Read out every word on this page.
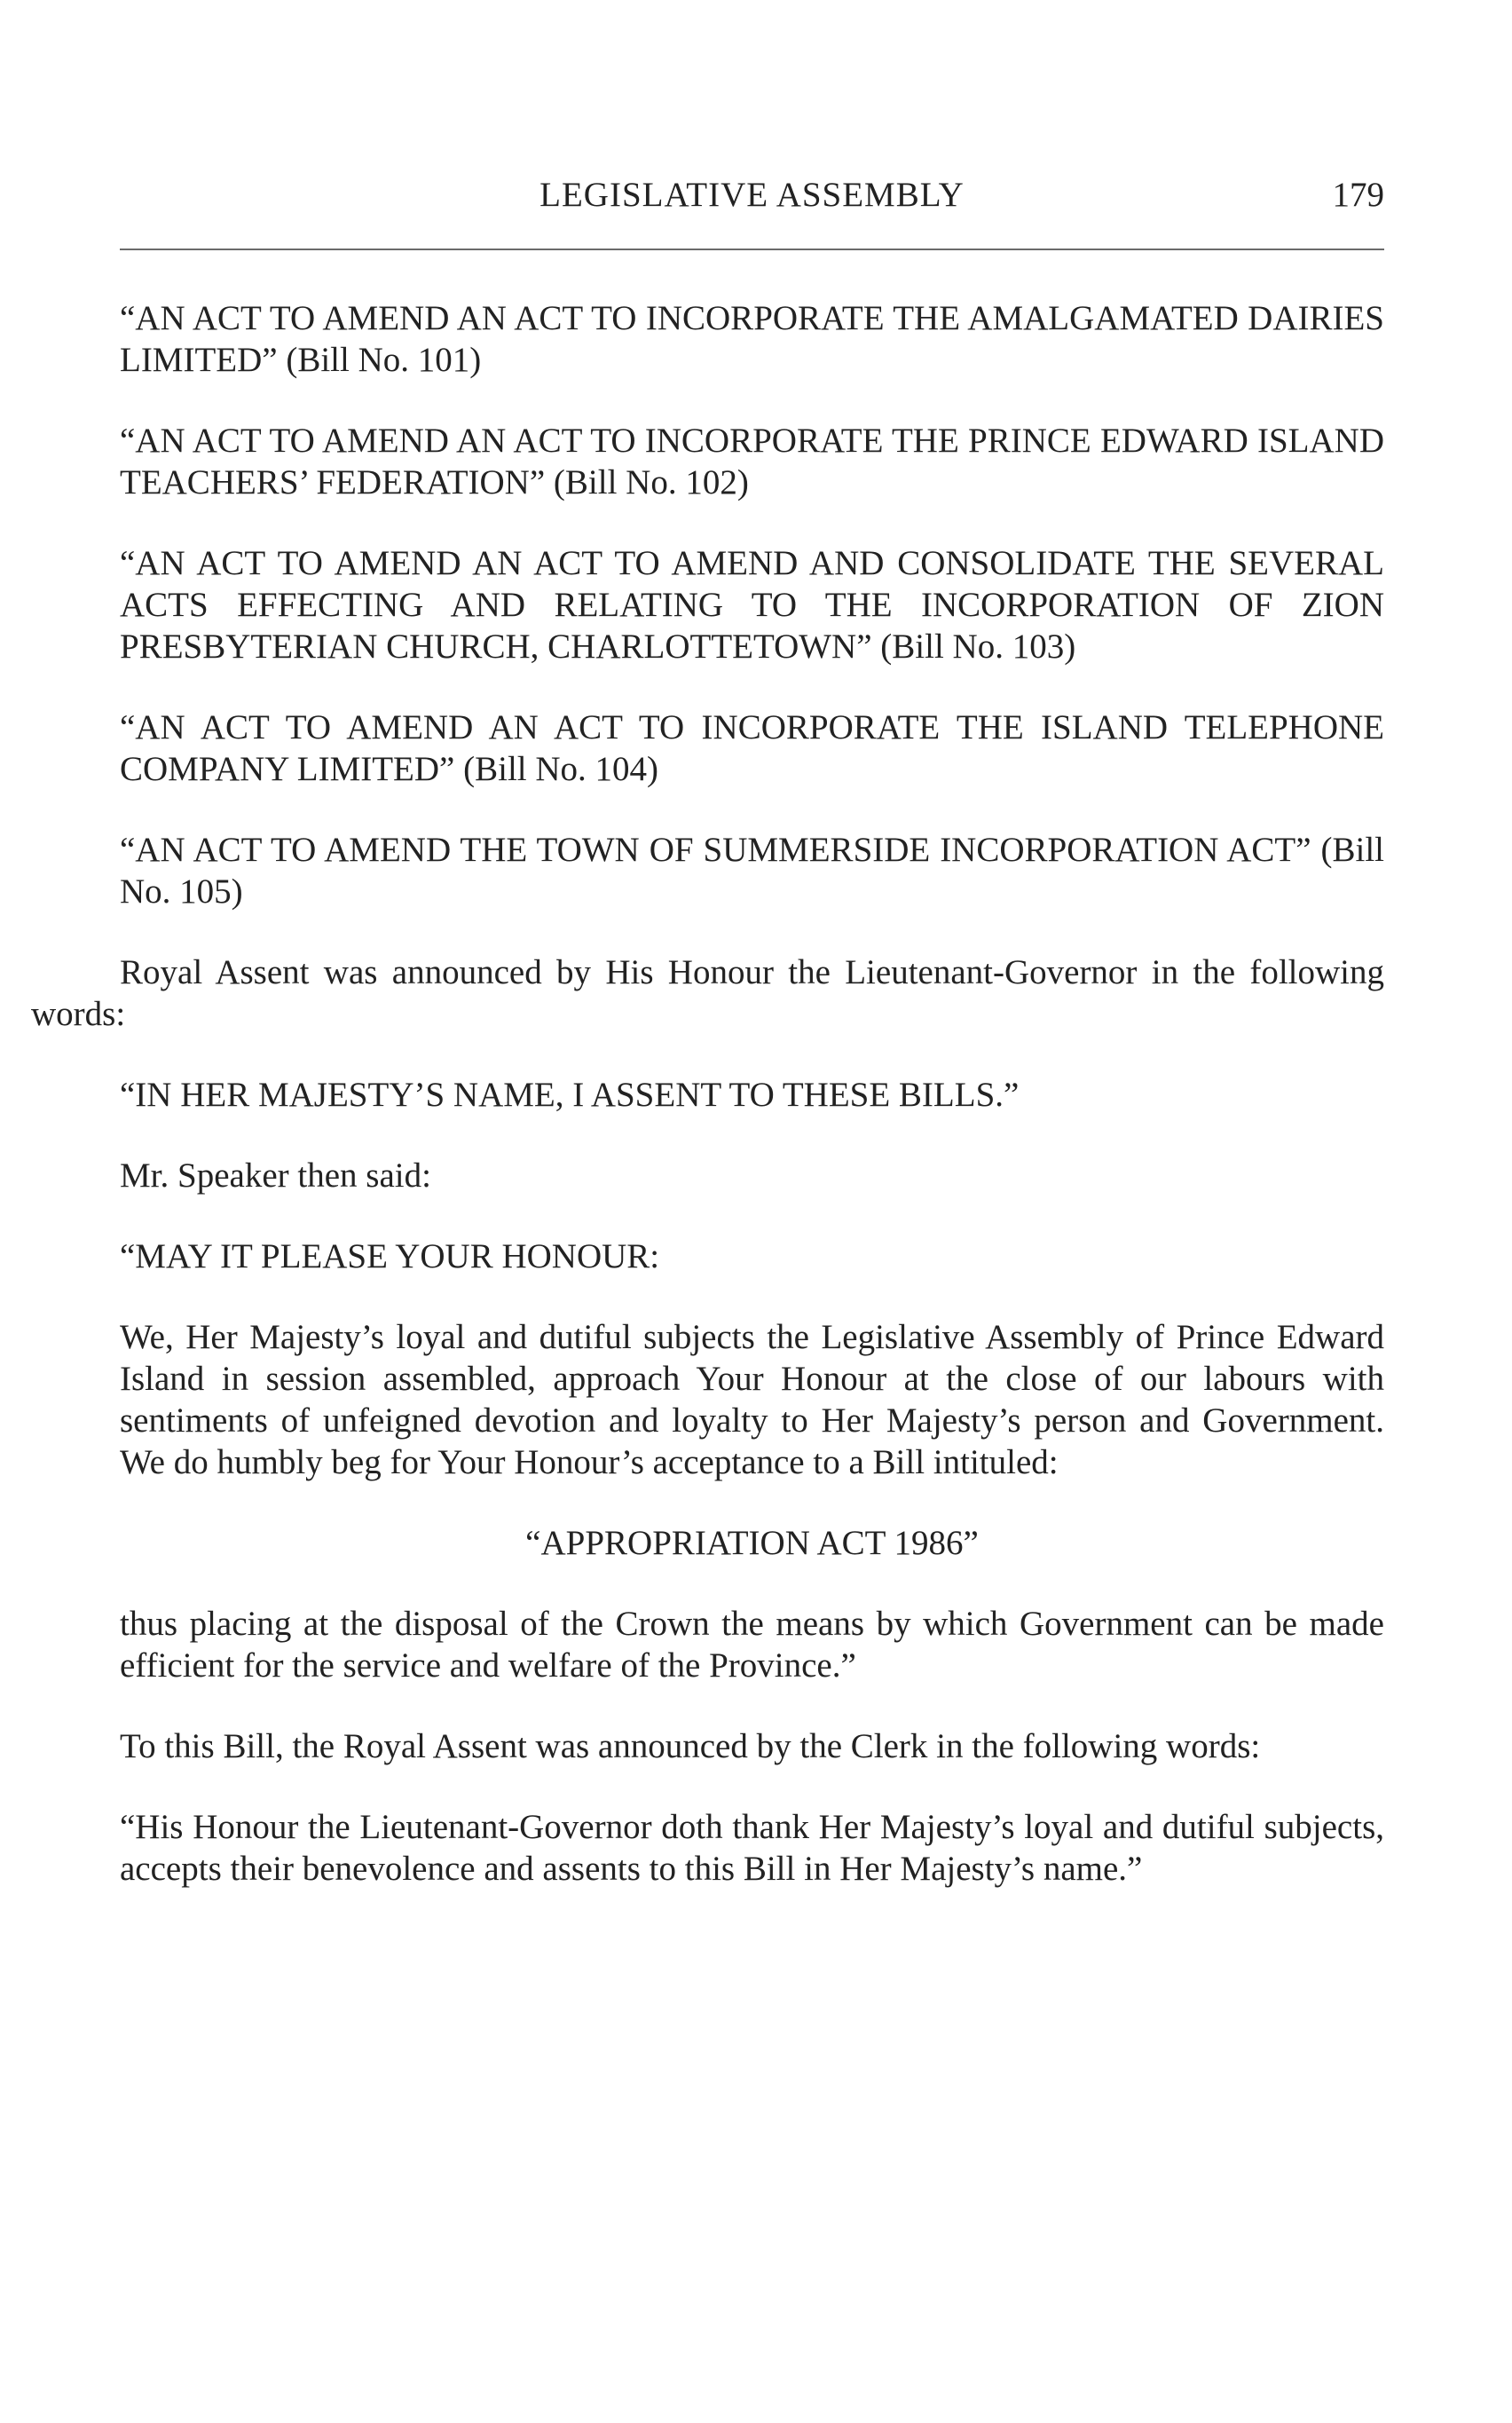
LEGISLATIVE ASSEMBLY	179

“AN ACT TO AMEND AN ACT TO INCORPORATE THE AMALGAMATED DAIRIES LIMITED” (Bill No. 101)

“AN ACT TO AMEND AN ACT TO INCORPORATE THE PRINCE EDWARD ISLAND TEACHERS’ FEDERATION” (Bill No. 102)

“AN ACT TO AMEND AN ACT TO AMEND AND CONSOLIDATE THE SEVERAL ACTS EFFECTING AND RELATING TO THE INCORPORATION OF ZION PRESBYTERIAN CHURCH, CHARLOTTETOWN” (Bill No. 103)

“AN ACT TO AMEND AN ACT TO INCORPORATE THE ISLAND TELEPHONE COMPANY LIMITED” (Bill No. 104)

“AN ACT TO AMEND THE TOWN OF SUMMERSIDE INCORPORATION ACT” (Bill No. 105)

Royal Assent was announced by His Honour the Lieutenant-Governor in the following words:

“IN HER MAJESTY’S NAME, I ASSENT TO THESE BILLS.”

Mr. Speaker then said:

“MAY IT PLEASE YOUR HONOUR:

We, Her Majesty’s loyal and dutiful subjects the Legislative Assembly of Prince Edward Island in session assembled, approach Your Honour at the close of our labours with sentiments of unfeigned devotion and loyalty to Her Majesty’s person and Government. We do humbly beg for Your Honour’s acceptance to a Bill intituled:

“APPROPRIATION ACT 1986”

thus placing at the disposal of the Crown the means by which Government can be made efficient for the service and welfare of the Province.”

To this Bill, the Royal Assent was announced by the Clerk in the following words:

“His Honour the Lieutenant-Governor doth thank Her Majesty’s loyal and dutiful subjects, accepts their benevolence and assents to this Bill in Her Majesty’s name.”
